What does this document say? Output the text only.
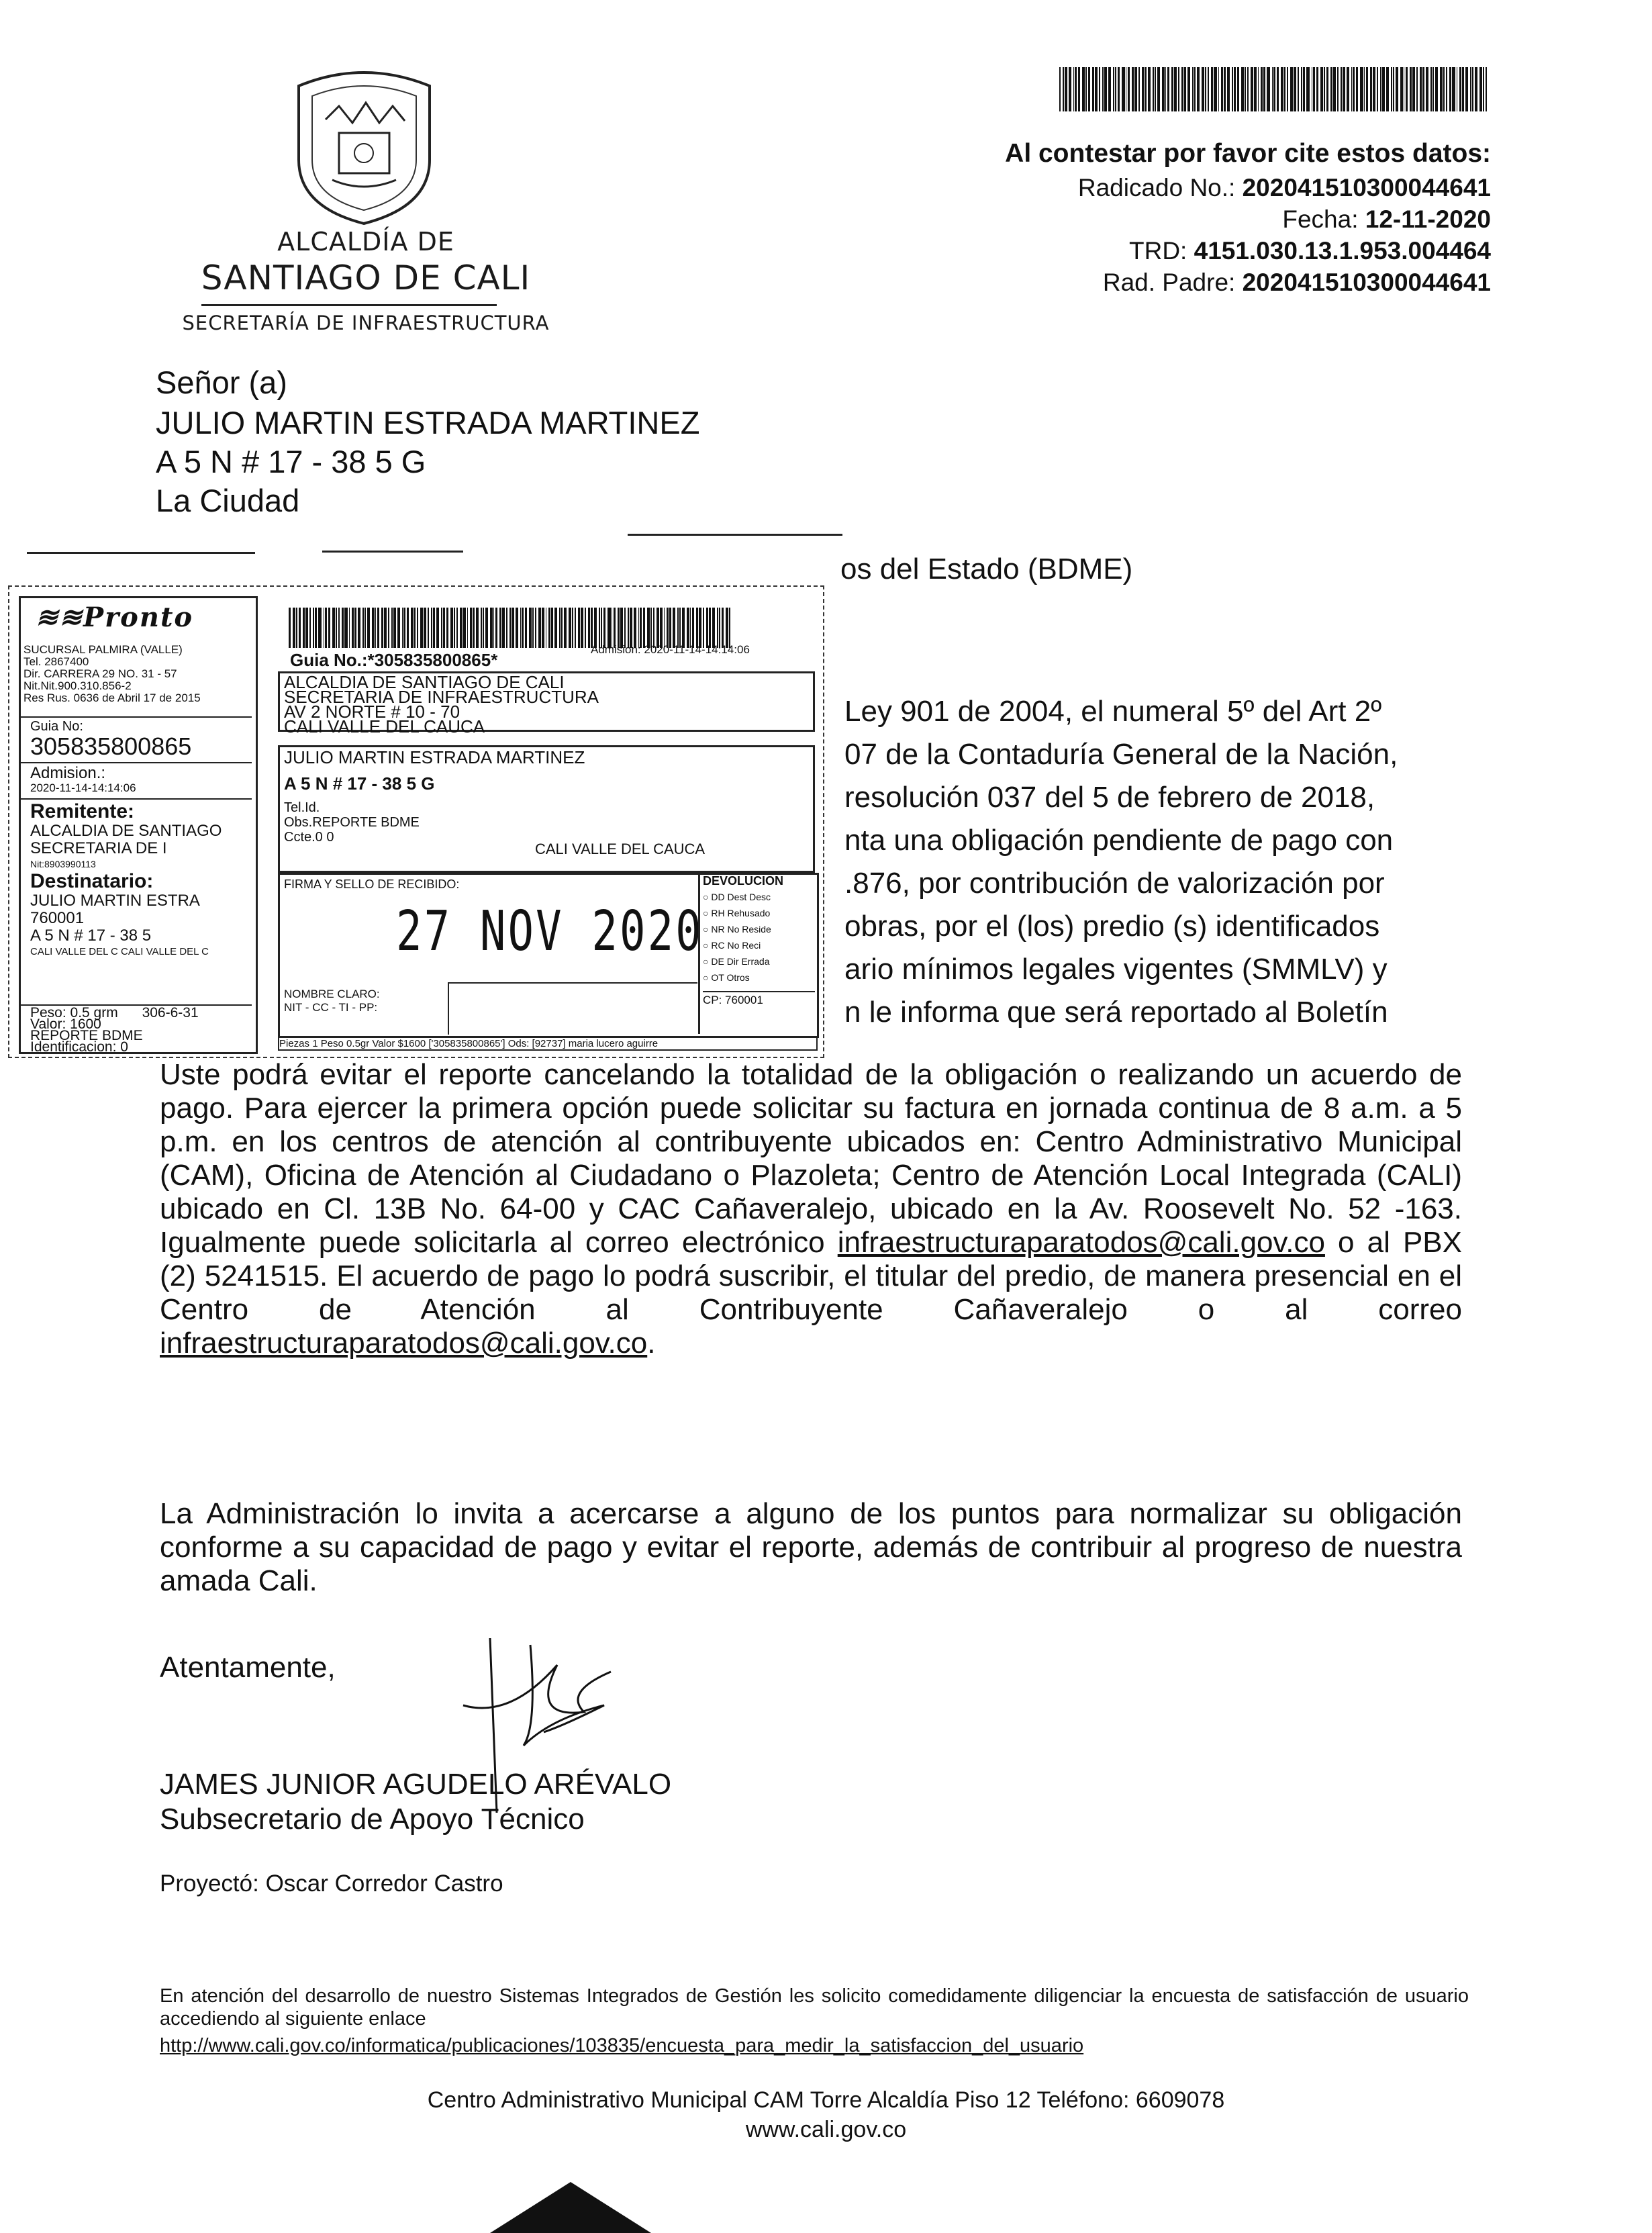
ALCALDÍA DE
SANTIAGO DE CALI
SECRETARÍA DE INFRAESTRUCTURA
Al contestar por favor cite estos datos:
Radicado No.: 202041510300044641
Fecha: 12-11-2020
TRD: 4151.030.13.1.953.004464
Rad. Padre: 202041510300044641
Señor (a)
JULIO MARTIN ESTRADA MARTINEZ
A 5 N # 17 - 38 5 G
La Ciudad
os del Estado (BDME)
Ley 901 de 2004, el numeral 5º del Art 2º
07 de la Contaduría General de la Nación,
resolución 037 del 5 de febrero de 2018,
nta una obligación pendiente de pago con
.876, por contribución de valorización por
obras, por el (los) predio (s) identificados
ario mínimos legales vigentes (SMMLV) y
n le informa que será reportado al Boletín
≋≋Pronto
SUCURSAL PALMIRA (VALLE)
Tel. 2867400
Dir. CARRERA 29 NO. 31 - 57
Nit.Nit.900.310.856-2
Res Rus. 0636 de Abril 17 de 2015
Guia No:
305835800865
Admision.:
2020-11-14-14:14:06
Remitente:
ALCALDIA DE SANTIAGO
SECRETARIA DE I
Nit:8903990113
Destinatario:
JULIO MARTIN ESTRA
760001
A 5 N # 17 - 38 5
CALI VALLE DEL C CALI VALLE DEL C
Peso: 0.5 grm 306-6-31
Valor: 1600
REPORTE BDME
Identificacion: 0
Guia No.:*305835800865*
Admision: 2020-11-14-14:14:06
ALCALDIA DE SANTIAGO DE CALI
SECRETARIA DE INFRAESTRUCTURA
AV 2 NORTE # 10 - 70
CALI VALLE DEL CAUCA
JULIO MARTIN ESTRADA MARTINEZ
A 5 N # 17 - 38 5 G
Tel.Id.
Obs.REPORTE BDME
Ccte.0 0
CALI VALLE DEL CAUCA
FIRMA Y SELLO DE RECIBIDO:
NOMBRE CLARO:
NIT - CC - TI - PP:
27 NOV 2020
DEVOLUCION
○ DD Dest Desc
○ RH Rehusado
○ NR No Reside
○ RC No Reci
○ DE Dir Errada
○ OT Otros
CP: 760001
Piezas 1 Peso 0.5gr Valor $1600 ['305835800865'] Ods: [92737] maria lucero aguirre
Uste podrá evitar el reporte cancelando la totalidad de la obligación o realizando un acuerdo de pago. Para ejercer la primera opción puede solicitar su factura en jornada continua de 8 a.m. a 5 p.m. en los centros de atención al contribuyente ubicados en: Centro Administrativo Municipal (CAM), Oficina de Atención al Ciudadano o Plazoleta; Centro de Atención Local Integrada (CALI) ubicado en Cl. 13B No. 64-00 y CAC Cañaveralejo, ubicado en la Av. Roosevelt No. 52 -163. Igualmente puede solicitarla al correo electrónico infraestructuraparatodos@cali.gov.co o al PBX (2) 5241515. El acuerdo de pago lo podrá suscribir, el titular del predio, de manera presencial en el Centro de Atención al Contribuyente Cañaveralejo o al correo infraestructuraparatodos@cali.gov.co.
La Administración lo invita a acercarse a alguno de los puntos para normalizar su obligación conforme a su capacidad de pago y evitar el reporte, además de contribuir al progreso de nuestra amada Cali.
Atentamente,
JAMES JUNIOR AGUDELO ARÉVALO
Subsecretario de Apoyo Técnico
Proyectó: Oscar Corredor Castro
En atención del desarrollo de nuestro Sistemas Integrados de Gestión les solicito comedidamente diligenciar la encuesta de satisfacción de usuario accediendo al siguiente enlace
http://www.cali.gov.co/informatica/publicaciones/103835/encuesta_para_medir_la_satisfaccion_del_usuario
Centro Administrativo Municipal CAM Torre Alcaldía Piso 12 Teléfono: 6609078
www.cali.gov.co
